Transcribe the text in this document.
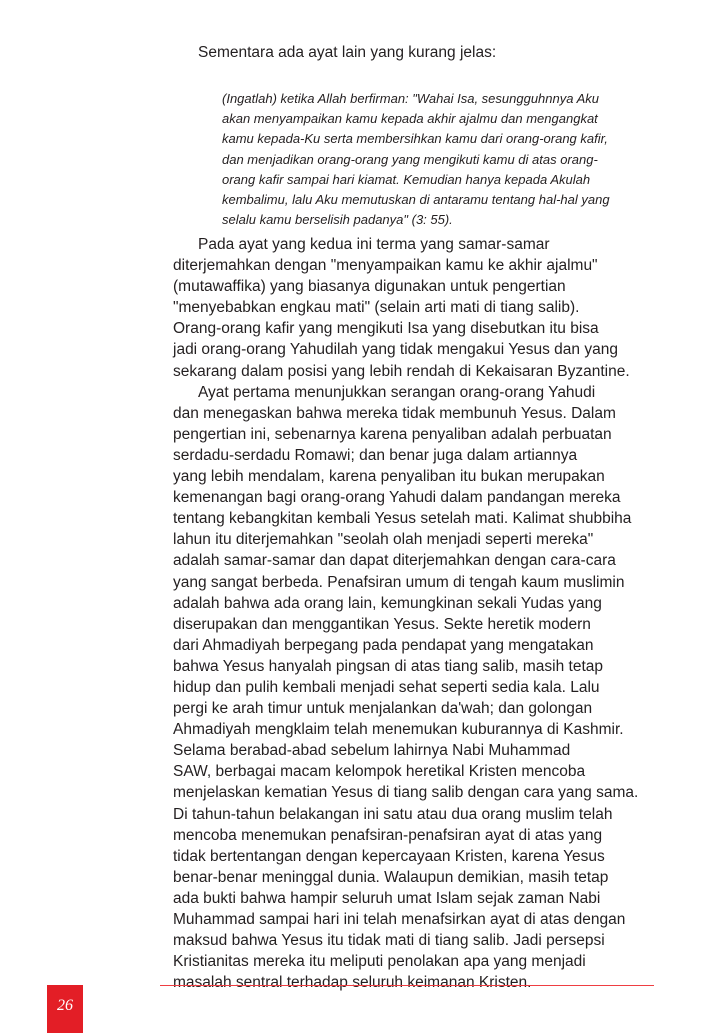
Sementara ada ayat lain yang kurang jelas:
(Ingatlah) ketika Allah berfirman: "Wahai Isa, sesungguhnnya Aku
akan menyampaikan kamu kepada akhir ajalmu dan mengangkat
kamu kepada-Ku serta membersihkan kamu dari orang-orang kafir,
dan menjadikan orang-orang yang mengikuti kamu di atas orang-
orang kafir sampai hari kiamat. Kemudian hanya kepada Akulah
kembalimu, lalu Aku memutuskan di antaramu tentang hal-hal yang
selalu kamu berselisih padanya" (3: 55).
Pada ayat yang kedua ini terma yang samar-samar
diterjemahkan dengan "menyampaikan kamu ke akhir ajalmu"
(mutawaffika) yang biasanya digunakan untuk pengertian
"menyebabkan engkau mati" (selain arti mati di tiang salib).
Orang-orang kafir yang mengikuti Isa yang disebutkan itu bisa
jadi orang-orang Yahudilah yang tidak mengakui Yesus dan yang
sekarang dalam posisi yang lebih rendah di Kekaisaran Byzantine.
Ayat pertama menunjukkan serangan orang-orang Yahudi
dan menegaskan bahwa mereka tidak membunuh Yesus. Dalam
pengertian ini, sebenarnya karena penyaliban adalah perbuatan
serdadu-serdadu Romawi; dan benar juga dalam artiannya
yang lebih mendalam, karena penyaliban itu bukan merupakan
kemenangan bagi orang-orang Yahudi dalam pandangan mereka
tentang kebangkitan kembali Yesus setelah mati. Kalimat shubbiha
lahun itu diterjemahkan "seolah olah menjadi seperti mereka"
adalah samar-samar dan dapat diterjemahkan dengan cara-cara
yang sangat berbeda. Penafsiran umum di tengah kaum muslimin
adalah bahwa ada orang lain, kemungkinan sekali Yudas yang
diserupakan dan menggantikan Yesus. Sekte heretik modern
dari Ahmadiyah berpegang pada pendapat yang mengatakan
bahwa Yesus hanyalah pingsan di atas tiang salib, masih tetap
hidup dan pulih kembali menjadi sehat seperti sedia kala. Lalu
pergi ke arah timur untuk menjalankan da'wah; dan golongan
Ahmadiyah mengklaim telah menemukan kuburannya di Kashmir.
Selama berabad-abad sebelum lahirnya Nabi Muhammad
SAW, berbagai macam kelompok heretikal Kristen mencoba
menjelaskan kematian Yesus di tiang salib dengan cara yang sama.
Di tahun-tahun belakangan ini satu atau dua orang muslim telah
mencoba menemukan penafsiran-penafsiran ayat di atas yang
tidak bertentangan dengan kepercayaan Kristen, karena Yesus
benar-benar meninggal dunia. Walaupun demikian, masih tetap
ada bukti bahwa hampir seluruh umat Islam sejak zaman Nabi
Muhammad sampai hari ini telah menafsirkan ayat di atas dengan
maksud bahwa Yesus itu tidak mati di tiang salib. Jadi persepsi
Kristianitas mereka itu meliputi penolakan apa yang menjadi
masalah sentral terhadap seluruh keimanan Kristen.
26
